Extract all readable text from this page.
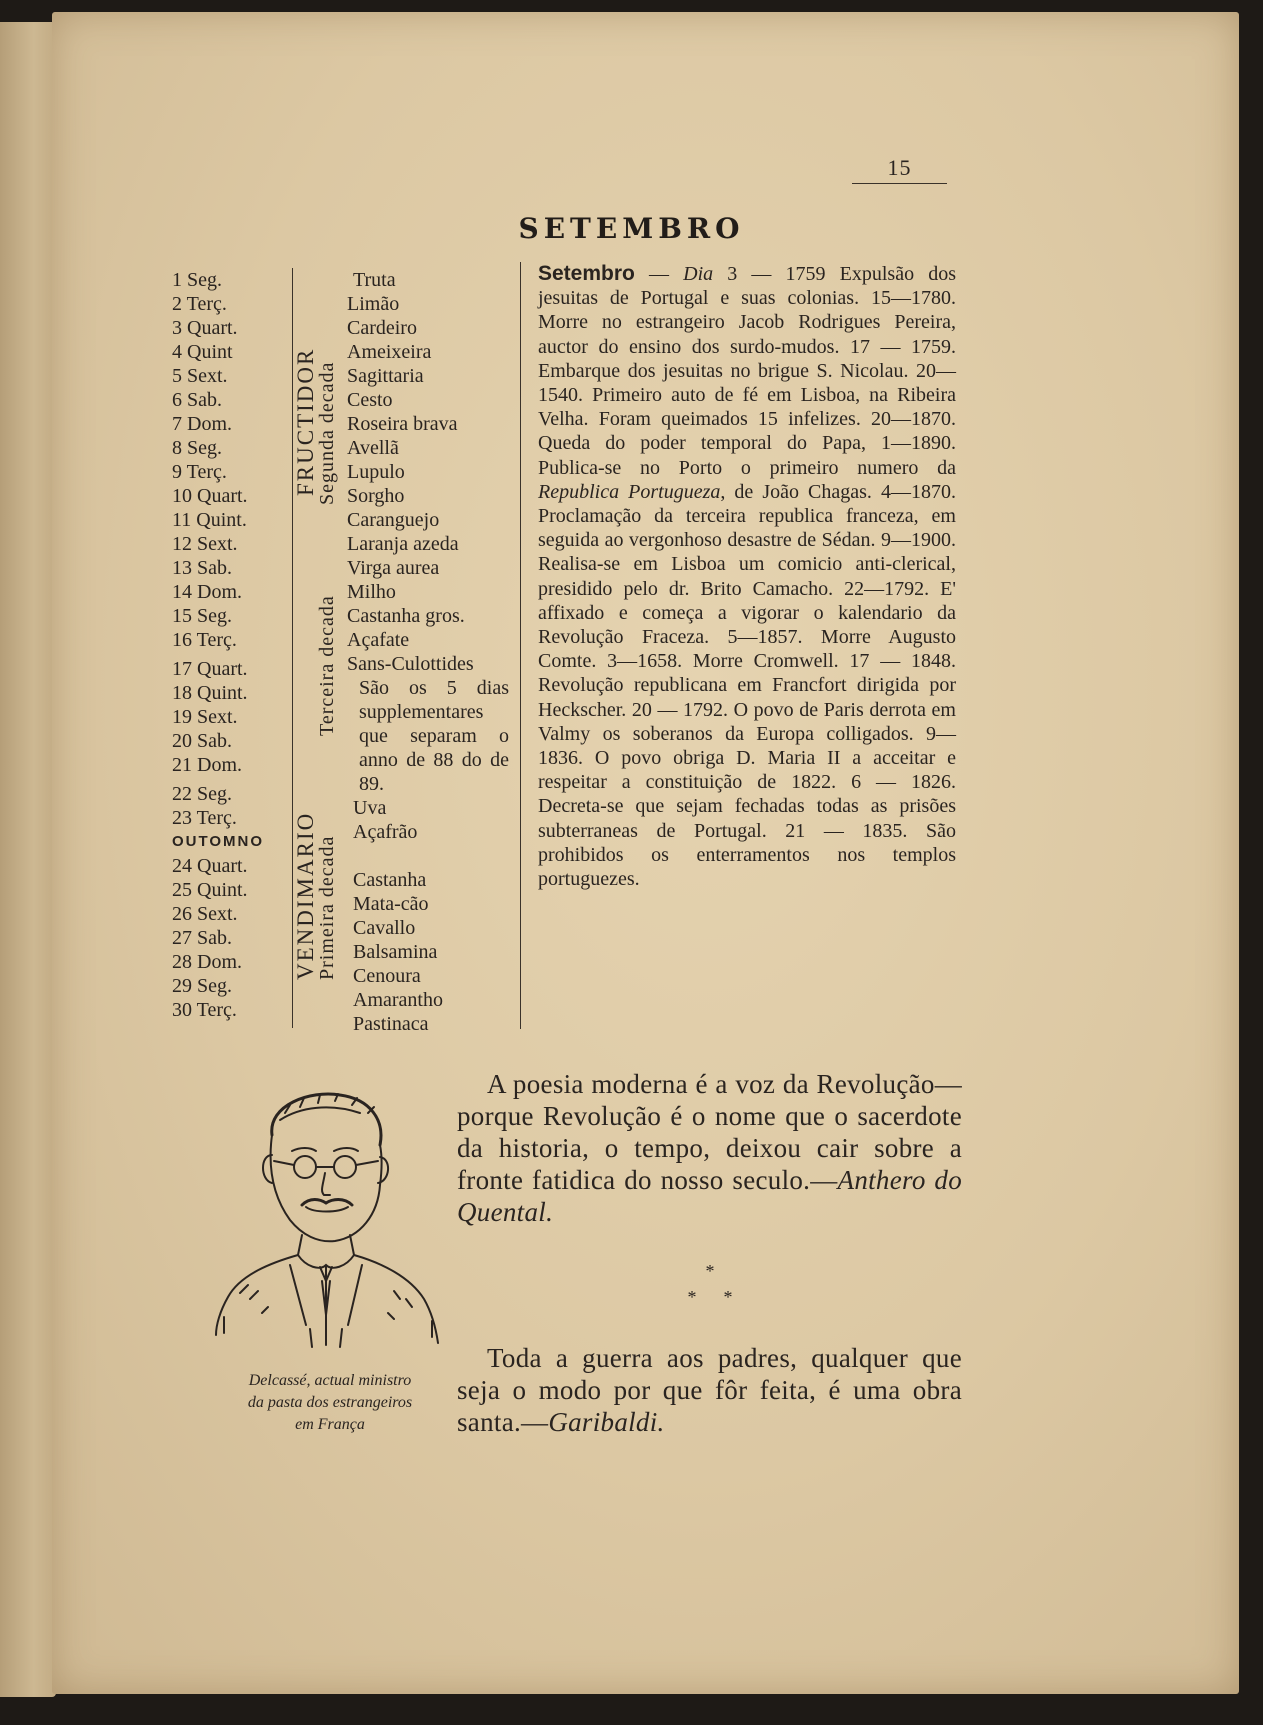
15
SETEMBRO
1 Seg.
2 Terç.
3 Quart.
4 Quint
5 Sext.
6 Sab.
7 Dom.
8 Seg.
9 Terç.
10 Quart.
11 Quint.
12 Sext.
13 Sab.
14 Dom.
15 Seg.
16 Terç.
17 Quart.
18 Quint.
19 Sext.
20 Sab.
21 Dom.
22 Seg.
23 Terç.
OUTOMNO
24 Quart.
25 Quint.
26 Sext.
27 Sab.
28 Dom.
29 Seg.
30 Terç.
FRUCTIDOR
Segunda decada
Terceira decada
VENDIMARIO
Primeira decada
Truta
Limão
Cardeiro
Ameixeira
Sagittaria
Cesto
Roseira brava
Avellã
Lupulo
Sorgho
Caranguejo
Laranja azeda
Virga aurea
Milho
Castanha gros.
Açafate
Sans-Culottides
São os 5 dias supplementares que separam o anno de 88 do de 89.
Uva
Açafrão
Castanha
Mata-cão
Cavallo
Balsamina
Cenoura
Amarantho
Pastinaca
Setembro — Dia 3 — 1759 Expulsão dos jesuitas de Portugal e suas colonias. 15—1780. Morre no estrangeiro Jacob Rodrigues Pereira, auctor do ensino dos surdo-mudos. 17 — 1759. Embarque dos jesuitas no brigue S. Nicolau. 20—1540. Primeiro auto de fé em Lisboa, na Ribeira Velha. Foram queimados 15 infelizes. 20—1870. Queda do poder temporal do Papa, 1—1890. Publica-se no Porto o primeiro numero da Republica Portugueza, de João Chagas. 4—1870. Proclamação da terceira republica franceza, em seguida ao vergonhoso desastre de Sédan. 9—1900. Realisa-se em Lisboa um comicio anti-clerical, presidido pelo dr. Brito Camacho. 22—1792. E' affixado e começa a vigorar o kalendario da Revolução Fraceza. 5—1857. Morre Augusto Comte. 3—1658. Morre Cromwell. 17 — 1848. Revolução republicana em Francfort dirigida por Heckscher. 20 — 1792. O povo de Paris derrota em Valmy os soberanos da Europa colligados. 9—1836. O povo obriga D. Maria II a acceitar e respeitar a constituição de 1822. 6 — 1826. Decreta-se que sejam fechadas todas as prisões subterraneas de Portugal. 21 — 1835. São prohibidos os enterramentos nos templos portuguezes.
Delcassé, actual ministro
da pasta dos estrangeiros
em França
A poesia moderna é a voz da Revolução—porque Revolução é o nome que o sacerdote da historia, o tempo, deixou cair sobre a fronte fatidica do nosso seculo.—Anthero do Quental.
*
*      *
Toda a guerra aos padres, qualquer que seja o modo por que fôr feita, é uma obra santa.—Garibaldi.
